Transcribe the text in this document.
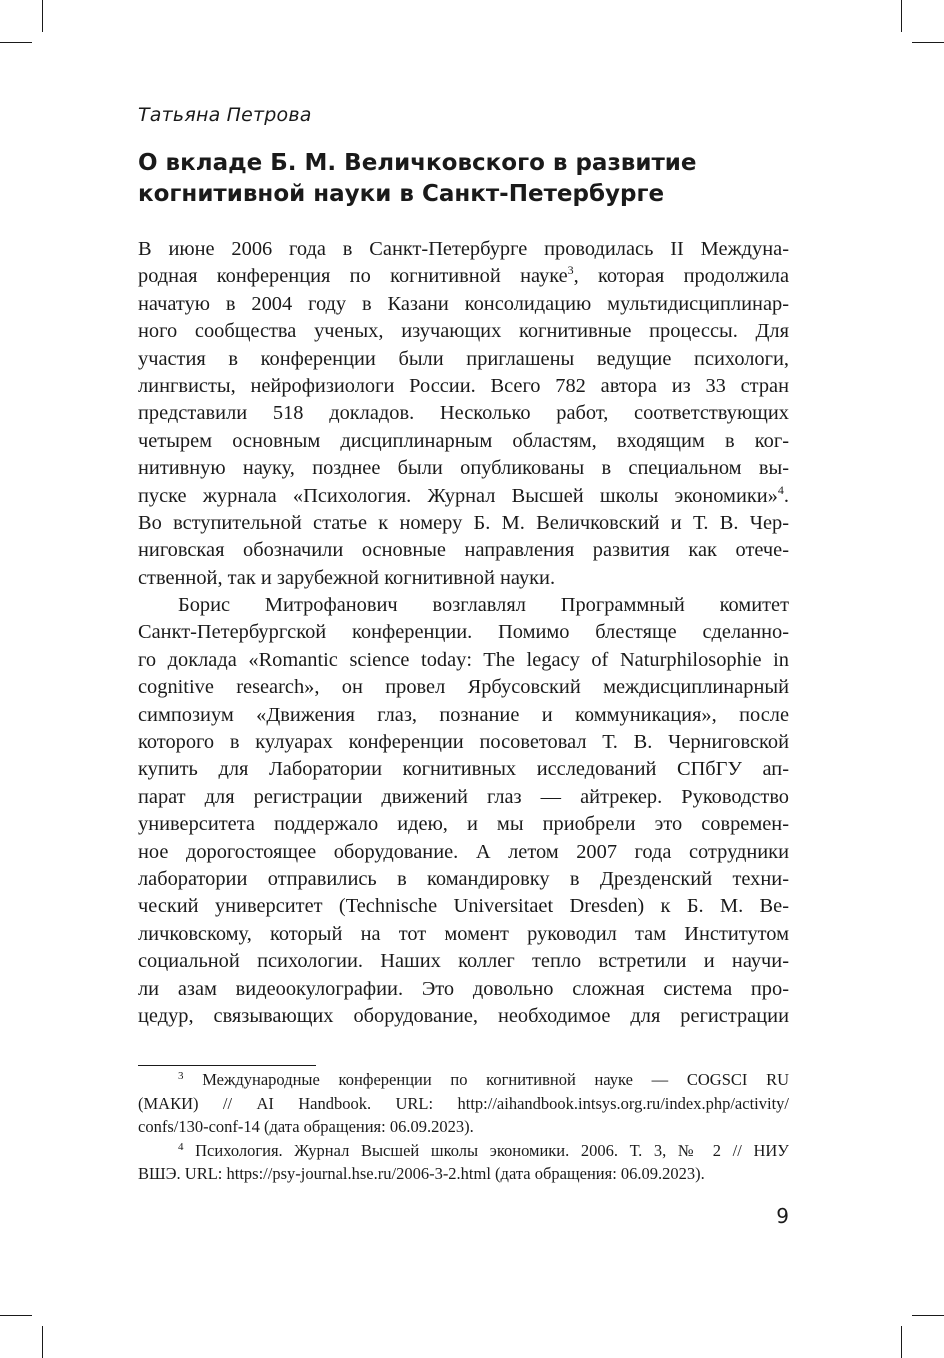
Татьяна Петрова

О вкладе Б. М. Величковского в развитие
когнитивной науки в Санкт-Петербурге
В июне 2006 года в Санкт-Петербурге проводилась II Междуна-
родная конференция по когнитивной науке$^3$, которая продолжила
начатую в 2004 году в Казани консолидацию мультидисциплинар-
ного сообщества ученых, изучающих когнитивные процессы. Для
участия в конференции были приглашены ведущие психологи,
лингвисты, нейрофизиологи России. Всего 782 автора из 33 стран
представили 518 докладов. Несколько работ, соответствующих
четырем основным дисциплинарным областям, входящим в ког-
нитивную науку, позднее были опубликованы в специальном вы-
пуске журнала «Психология. Журнал Высшей школы экономики»$^4$.
Во вступительной статье к номеру Б. М. Величковский и Т. В. Чер-
ниговская обозначили основные направления развития как отече-
ственной, так и зарубежной когнитивной науки.
Борис Митрофанович возглавлял Программный комитет
Санкт-Петербургской конференции. Помимо блестяще сделанно-
го доклада «Romantic science today: The legacy of Naturphilosophie in
cognitive research», он провел Ярбусовский междисциплинарный
симпозиум «Движения глаз, познание и коммуникация», после
которого в кулуарах конференции посоветовал Т. В. Черниговской
купить для Лаборатории когнитивных исследований СПбГУ ап-
парат для регистрации движений глаз — айтрекер. Руководство
университета поддержало идею, и мы приобрели это современ-
ное дорогостоящее оборудование. А летом 2007 года сотрудники
лаборатории отправились в командировку в Дрезденский техни-
ческий университет (Technische Universitaet Dresden) к Б. М. Ве-
личковскому, который на тот момент руководил там Институтом
социальной психологии. Наших коллег тепло встретили и научи-
ли азам видеоокулографии. Это довольно сложная система про-
цедур, связывающих оборудование, необходимое для регистрации
$^3$ Международные конференции по когнитивной науке — COGSCI RU
(МАКИ) // AI Handbook. URL: http://aihandbook.intsys.org.ru/index.php/activity/
confs/130-conf-14 (дата обращения: 06.09.2023).
$^4$ Психология. Журнал Высшей школы экономики. 2006. Т. 3, № 2 // НИУ
ВШЭ. URL: https://psy-journal.hse.ru/2006-3-2.html (дата обращения: 06.09.2023).

9
